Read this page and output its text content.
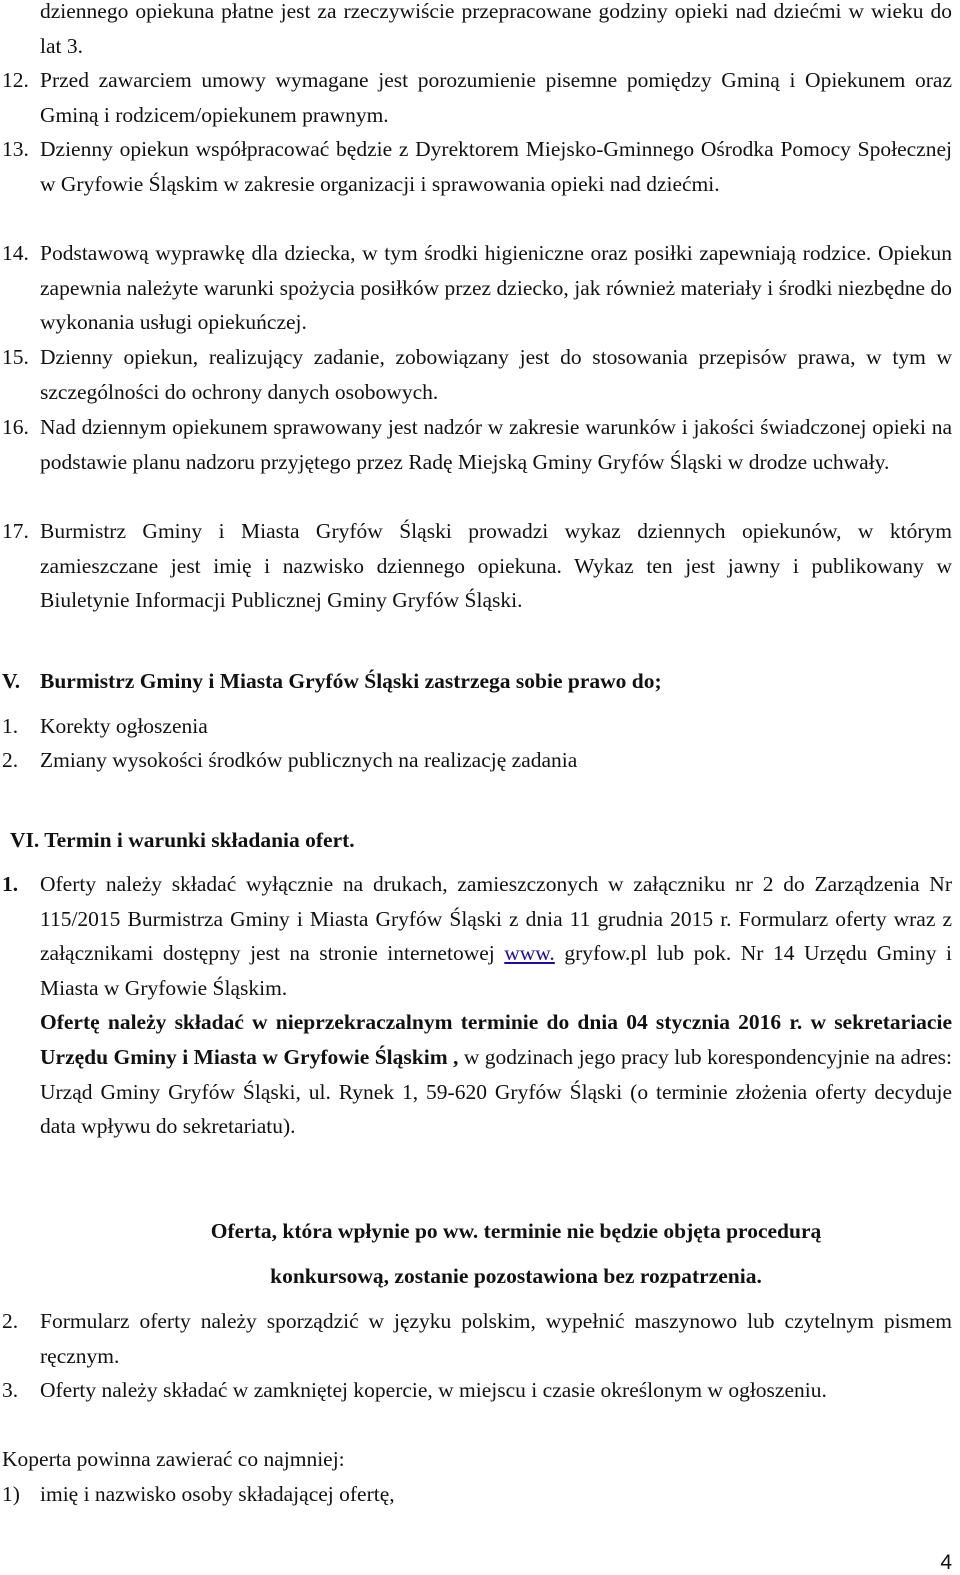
dziennego opiekuna płatne jest za rzeczywiście przepracowane godziny opieki nad dziećmi w wieku do lat 3.
12. Przed zawarciem umowy wymagane jest porozumienie pisemne pomiędzy Gminą i Opiekunem oraz Gminą i rodzicem/opiekunem prawnym.
13. Dzienny opiekun współpracować będzie z Dyrektorem Miejsko-Gminnego Ośrodka Pomocy Społecznej w Gryfowie Śląskim w zakresie organizacji i sprawowania opieki nad dziećmi.
14. Podstawową wyprawkę dla dziecka, w tym środki higieniczne oraz posiłki zapewniają rodzice. Opiekun zapewnia należyte warunki spożycia posiłków przez dziecko, jak również materiały i środki niezbędne do wykonania usługi opiekuńczej.
15. Dzienny opiekun, realizujący zadanie, zobowiązany jest do stosowania przepisów prawa, w tym w szczególności do ochrony danych osobowych.
16. Nad dziennym opiekunem sprawowany jest nadzór w zakresie warunków i jakości świadczonej opieki na podstawie planu nadzoru przyjętego przez Radę Miejską Gminy Gryfów Śląski w drodze uchwały.
17. Burmistrz Gminy i Miasta Gryfów Śląski prowadzi wykaz dziennych opiekunów, w którym zamieszczane jest imię i nazwisko dziennego opiekuna. Wykaz ten jest jawny i publikowany w Biuletynie Informacji Publicznej Gminy Gryfów Śląski.
V. Burmistrz Gminy i Miasta Gryfów Śląski zastrzega sobie prawo do;
1. Korekty ogłoszenia
2. Zmiany wysokości środków publicznych na realizację zadania
VI. Termin i warunki składania ofert.
1. Oferty należy składać wyłącznie na drukach, zamieszczonych w załączniku nr 2 do Zarządzenia Nr 115/2015 Burmistrza Gminy i Miasta Gryfów Śląski z dnia 11 grudnia 2015 r. Formularz oferty wraz z załącznikami dostępny jest na stronie internetowej www. gryfow.pl lub pok. Nr 14 Urzędu Gminy i Miasta w Gryfowie Śląskim.
Ofertę należy składać w nieprzekraczalnym terminie do dnia 04 stycznia 2016 r. w sekretariacie Urzędu Gminy i Miasta w Gryfowie Śląskim , w godzinach jego pracy lub korespondencyjnie na adres: Urząd Gminy Gryfów Śląski, ul. Rynek 1, 59-620 Gryfów Śląski (o terminie złożenia oferty decyduje data wpływu do sekretariatu).
Oferta, która wpłynie po ww. terminie nie będzie objęta procedurą
konkursową, zostanie pozostawiona bez rozpatrzenia.
2. Formularz oferty należy sporządzić w języku polskim, wypełnić maszynowo lub czytelnym pismem ręcznym.
3. Oferty należy składać w zamkniętej kopercie, w miejscu i czasie określonym w ogłoszeniu.
Koperta powinna zawierać co najmniej:
1) imię i nazwisko osoby składającej ofertę,
4
